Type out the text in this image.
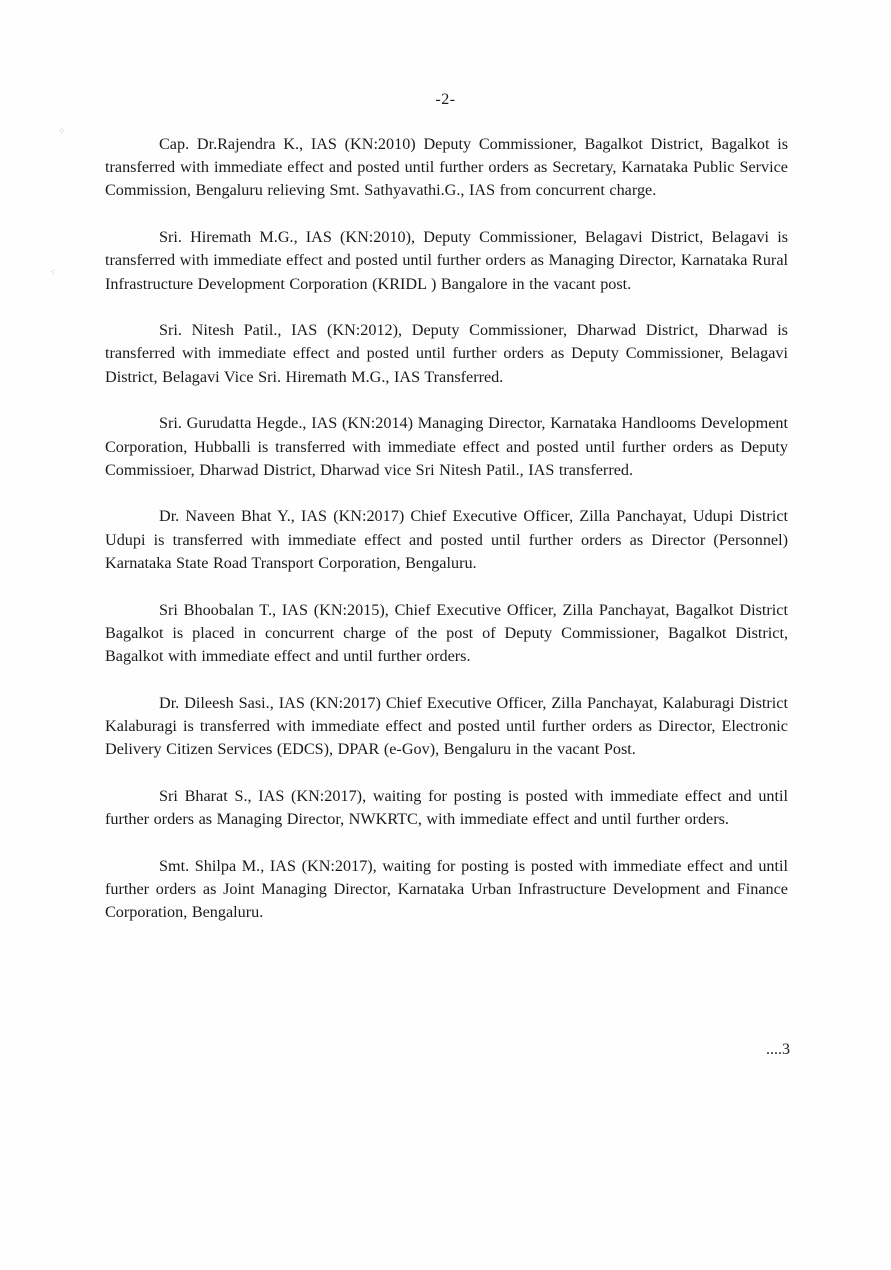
⁘
⁖
-2-

Cap. Dr.Rajendra K., IAS (KN:2010) Deputy Commissioner, Bagalkot District, Bagalkot is transferred with immediate effect and posted until further orders as Secretary, Karnataka Public Service Commission, Bengaluru relieving Smt. Sathyavathi.G., IAS from concurrent charge.

Sri. Hiremath M.G., IAS (KN:2010), Deputy Commissioner, Belagavi District, Belagavi is transferred with immediate effect and posted until further orders as Managing Director, Karnataka Rural Infrastructure Development Corporation (KRIDL ) Bangalore in the vacant post.

Sri. Nitesh Patil., IAS (KN:2012), Deputy Commissioner, Dharwad District, Dharwad is transferred with immediate effect and posted until further orders as Deputy Commissioner, Belagavi District, Belagavi Vice Sri. Hiremath M.G., IAS Transferred.

Sri. Gurudatta Hegde., IAS (KN:2014) Managing Director, Karnataka Handlooms Development Corporation, Hubballi is transferred with immediate effect and posted until further orders as Deputy Commissioer, Dharwad District, Dharwad vice Sri Nitesh Patil., IAS transferred.

Dr. Naveen Bhat Y., IAS (KN:2017) Chief Executive Officer, Zilla Panchayat, Udupi District Udupi is transferred with immediate effect and posted until further orders as Director (Personnel) Karnataka State Road Transport Corporation, Bengaluru.

Sri Bhoobalan T., IAS (KN:2015), Chief Executive Officer, Zilla Panchayat, Bagalkot District Bagalkot is placed in concurrent charge of the post of Deputy Commissioner, Bagalkot District, Bagalkot with immediate effect and until further orders.

Dr. Dileesh Sasi., IAS (KN:2017) Chief Executive Officer, Zilla Panchayat, Kalaburagi District Kalaburagi is transferred with immediate effect and posted until further orders as Director, Electronic Delivery Citizen Services (EDCS), DPAR (e-Gov), Bengaluru in the vacant Post.

Sri Bharat S., IAS (KN:2017), waiting for posting is posted with immediate effect and until further orders as Managing Director, NWKRTC, with immediate effect and until further orders.

Smt. Shilpa M., IAS (KN:2017), waiting for posting is posted with immediate effect and until further orders as Joint Managing Director, Karnataka Urban Infrastructure Development and Finance Corporation, Bengaluru.

....3
